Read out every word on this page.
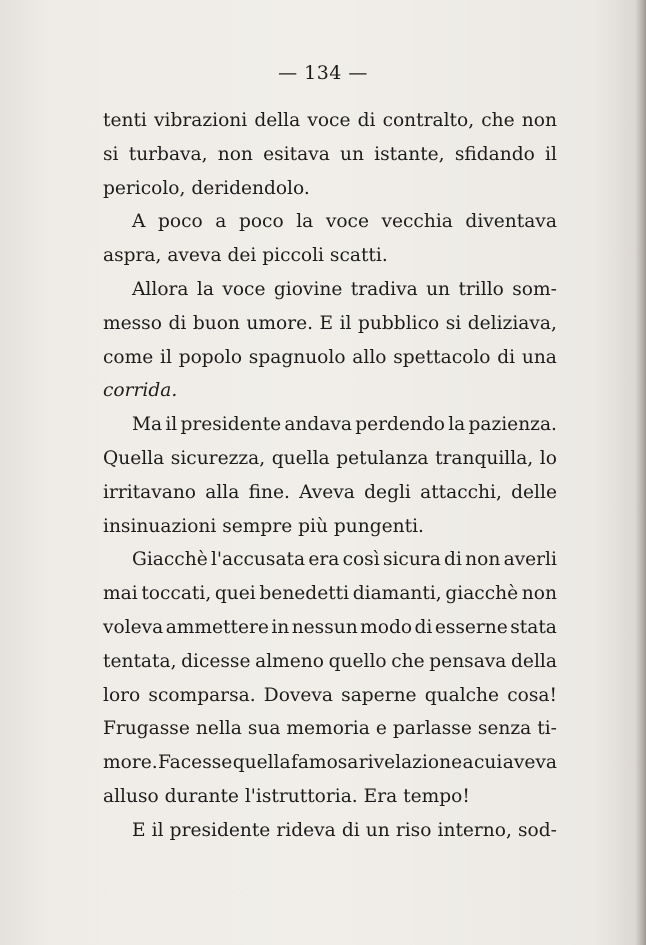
— 134 —
tenti vibrazioni della voce di contralto, che non
si turbava, non esitava un istante, sfidando il
pericolo,
deridendolo.
A poco a poco la voce vecchia diventava
aspra,
aveva
dei
piccoli
scatti.
Allora la voce giovine tradiva un trillo som-
messo di buon umore. E il pubblico si deliziava,
come il popolo spagnuolo allo spettacolo di una
corrida.
Ma il presidente andava perdendo la pazienza.
Quella sicurezza, quella petulanza tranquilla, lo
irritavano alla fine. Aveva degli attacchi, delle
insinuazioni
sempre
più
pungenti.
Giacchè l'accusata era così sicura di non averli
mai toccati, quei benedetti diamanti, giacchè non
voleva ammettere in nessun modo di esserne stata
tentata, dicesse almeno quello che pensava della
loro scomparsa. Doveva saperne qualche cosa!
Frugasse nella sua memoria e parlasse senza ti-
more. Facesse quella famosa rivelazione a cui aveva
alluso
durante
l'istruttoria.
Era
tempo!
E il presidente rideva di un riso interno, sod-
